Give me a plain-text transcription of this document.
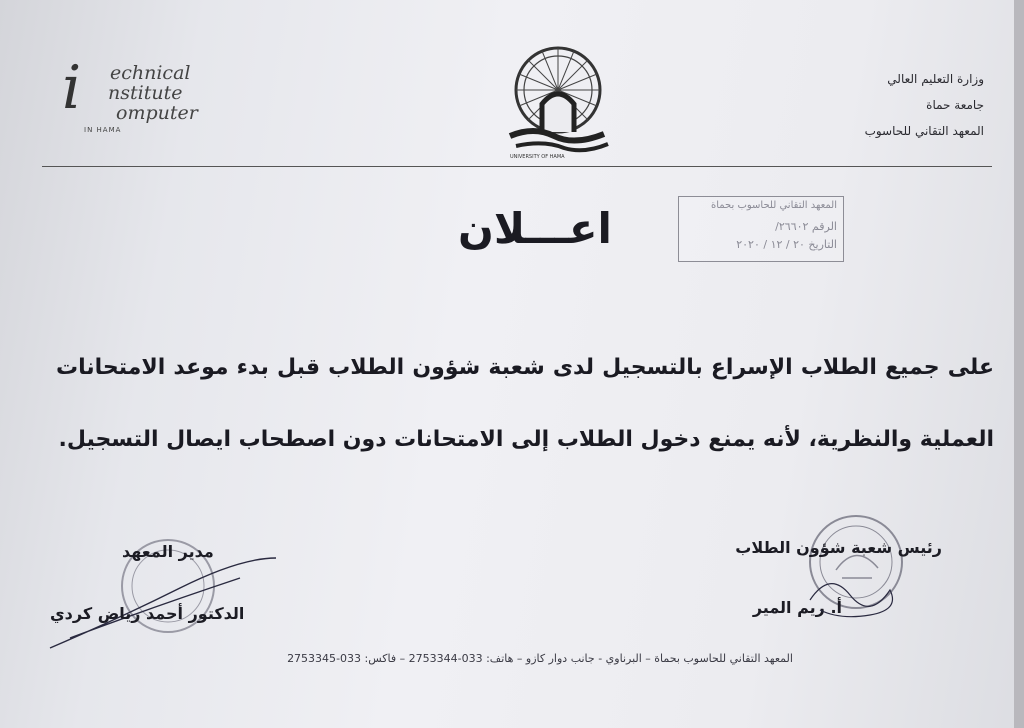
i echnical
nstitute
omputer
IN HAMA
UNIVERSITY OF HAMA
وزارة التعليم العالي
جامعة حماة
المعهد التقاني للحاسوب
المعهد التقاني للحاسوب بحماة
الرقم ٢٦٦٠٢/
التاريخ ٢٠ / ١٢ / ٢٠٢٠
اعـــلان
على جميع الطلاب الإسراع بالتسجيل لدى شعبة شؤون الطلاب قبل بدء موعد الامتحانات العملية والنظرية، لأنه يمنع دخول الطلاب إلى الامتحانات دون اصطحاب ايصال التسجيل.
رئيس شعبة شؤون الطلاب
أ. ريم المير
مدير المعهد
الدكتور أحمد رياض كردي
المعهد التقاني للحاسوب بحماة – البرناوي - جانب دوار كازو – هاتف: 033-2753344 – فاكس: 033-2753345
